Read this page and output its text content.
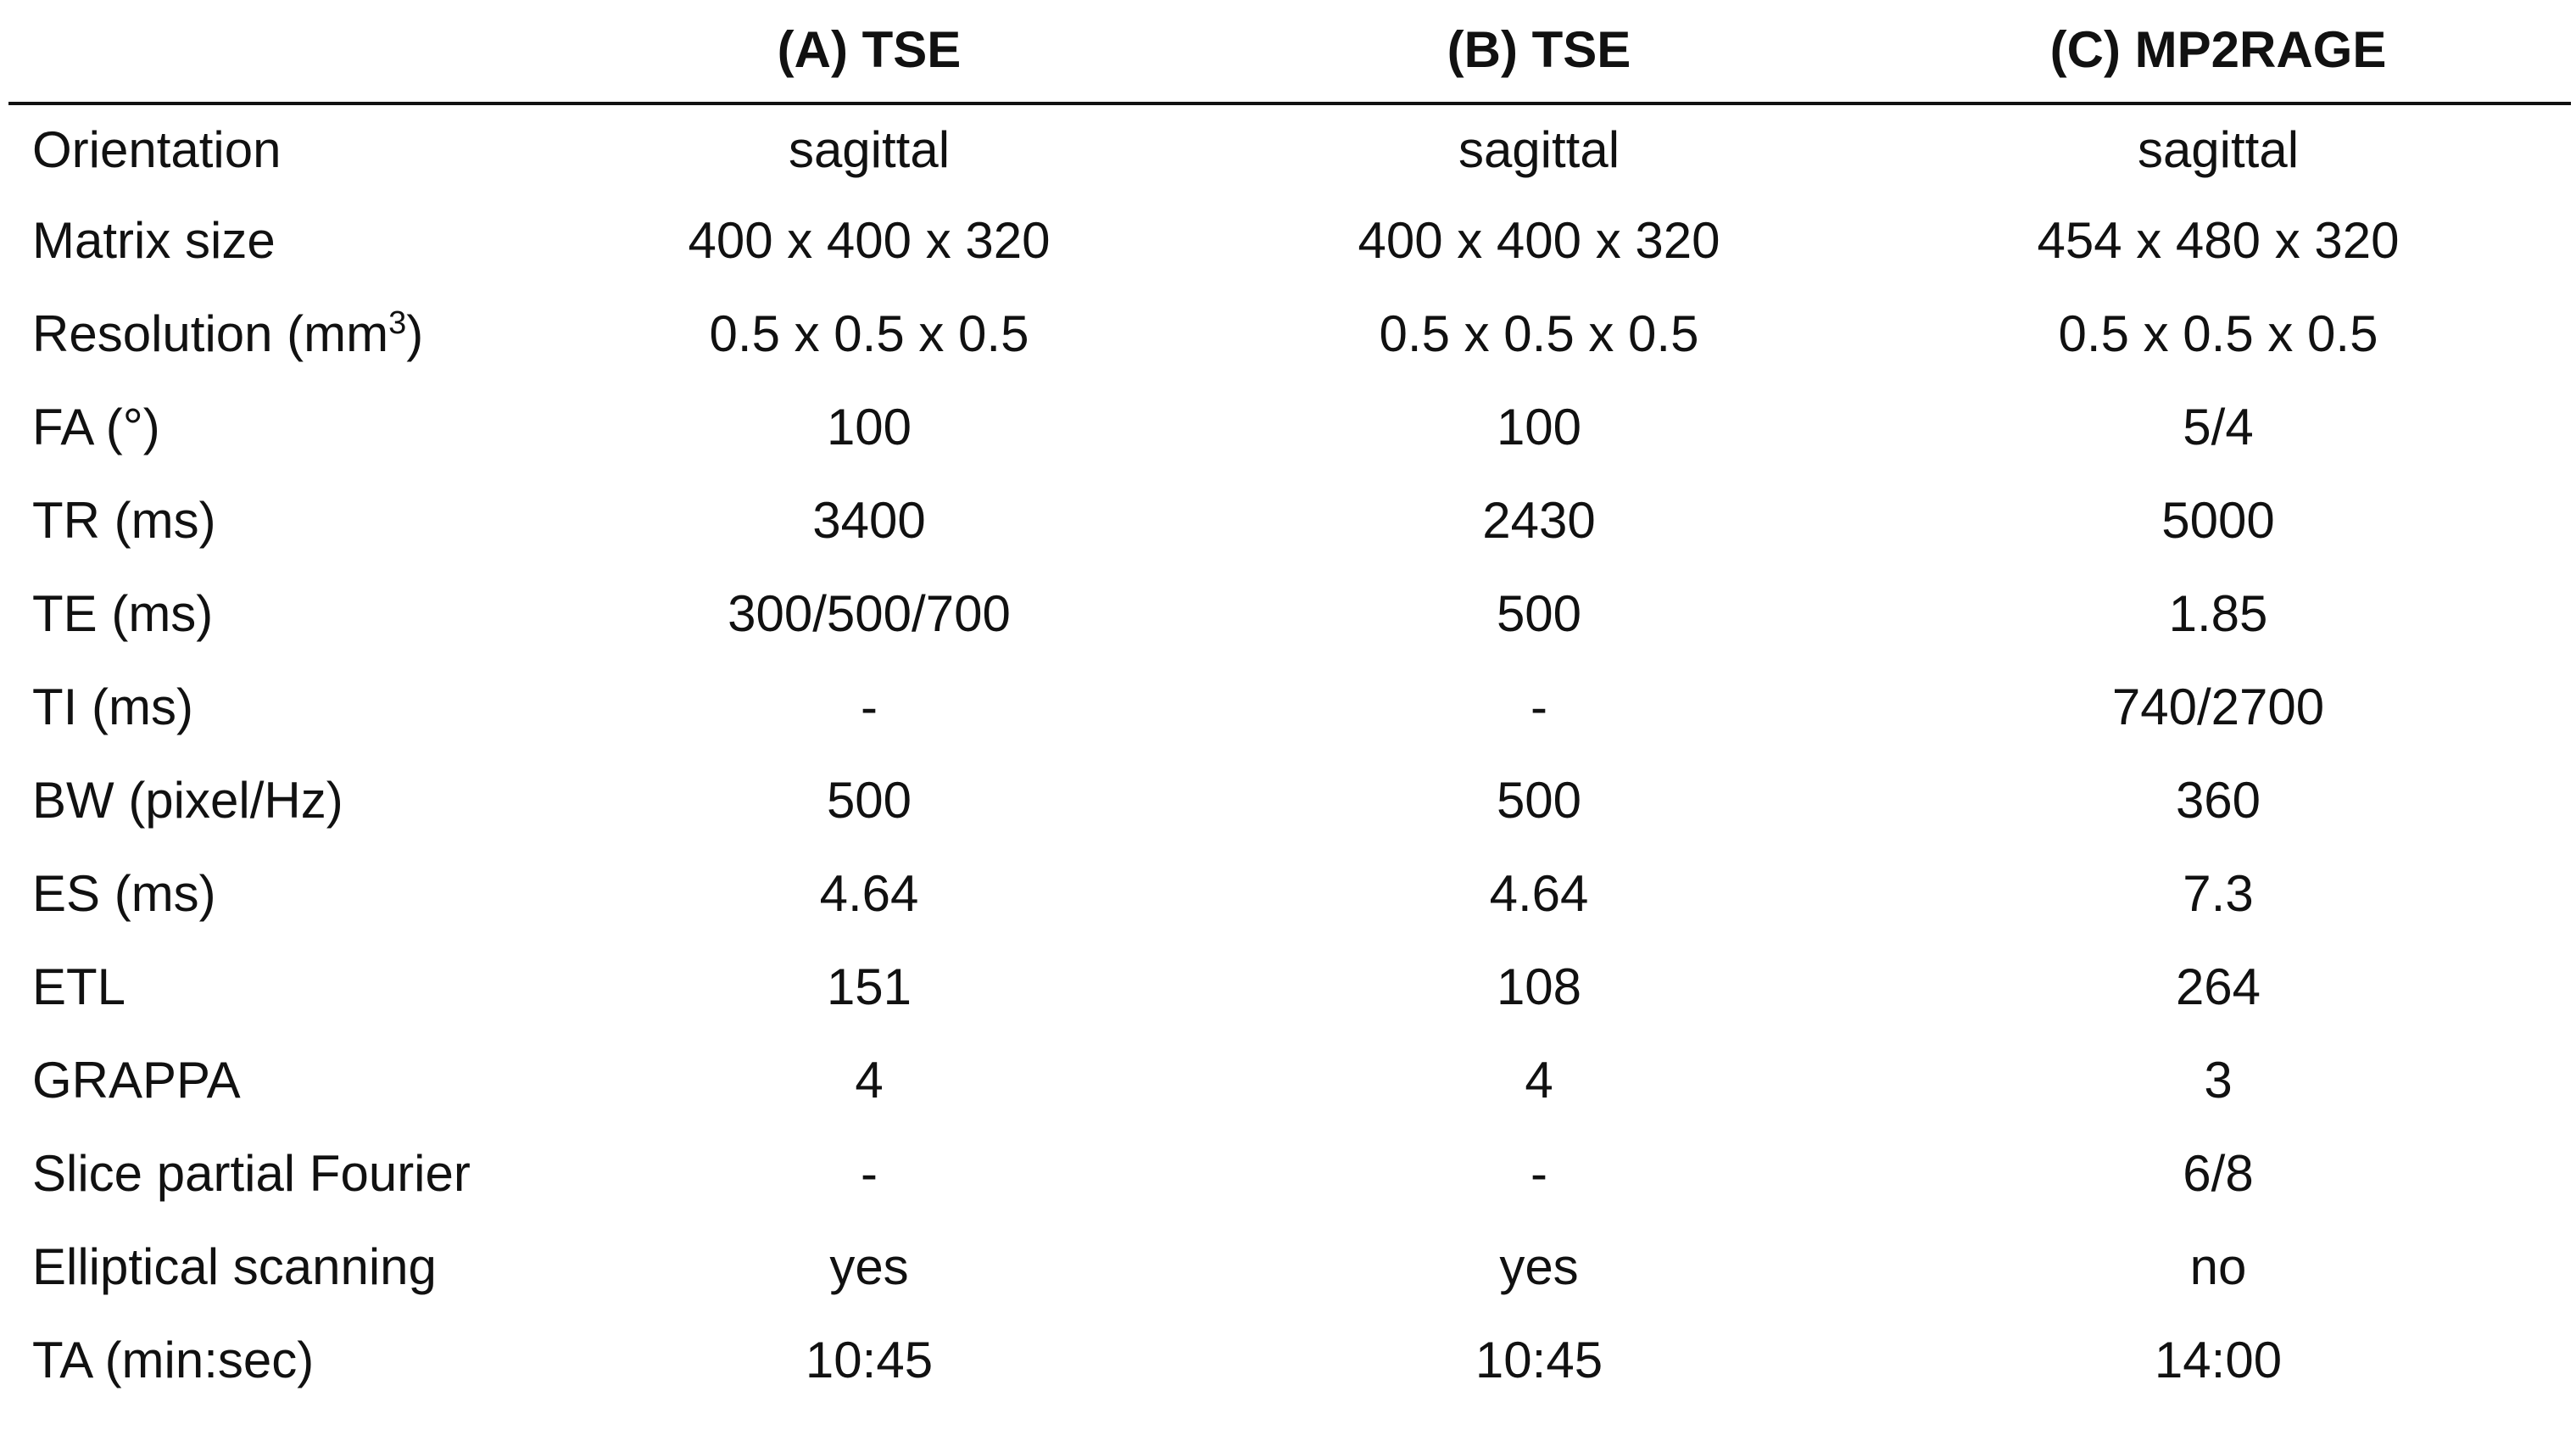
	(A) TSE	(B) TSE	(C) MP2RAGE
Orientation	sagittal	sagittal	sagittal
Matrix size	400 x 400 x 320	400 x 400 x 320	454 x 480 x 320
Resolution $(mm^3)$	0.5 x 0.5 x 0.5	0.5 x 0.5 x 0.5	0.5 x 0.5 x 0.5
FA (°)	100	100	5/4
TR (ms)	3400	2430	5000
TE (ms)	300/500/700	500	1.85
TI (ms)	-	-	740/2700
BW (pixel/Hz)	500	500	360
ES (ms)	4.64	4.64	7.3
ETL	151	108	264
GRAPPA	4	4	3
Slice partial Fourier	-	-	6/8
Elliptical scanning	yes	yes	no
TA (min:sec)	10:45	10:45	14:00
